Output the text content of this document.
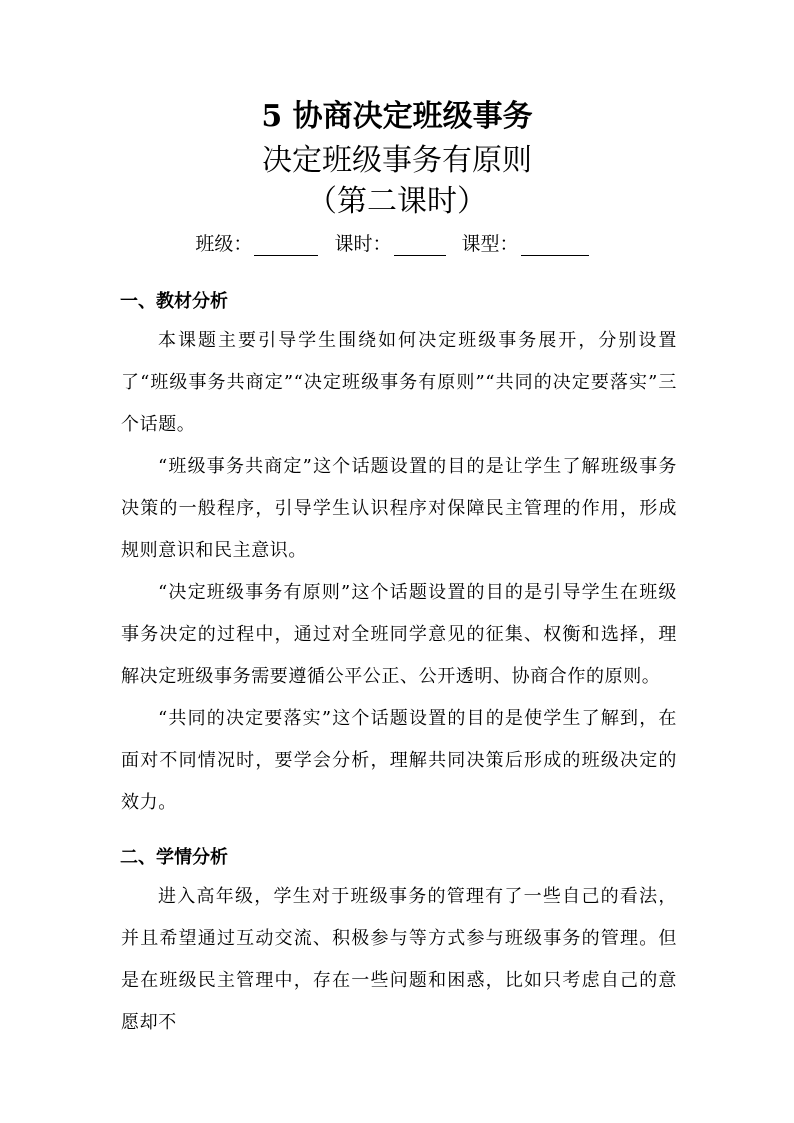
5 协商决定班级事务
决定班级事务有原则
（第二课时）
班级：	课时：	课型：

一、教材分析

本课题主要引导学生围绕如何决定班级事务展开，分别设置了“班级事务共商定”“决定班级事务有原则”“共同的决定要落实”三个话题。

“班级事务共商定”这个话题设置的目的是让学生了解班级事务决策的一般程序，引导学生认识程序对保障民主管理的作用，形成规则意识和民主意识。

“决定班级事务有原则”这个话题设置的目的是引导学生在班级事务决定的过程中，通过对全班同学意见的征集、权衡和选择，理解决定班级事务需要遵循公平公正、公开透明、协商合作的原则。

“共同的决定要落实”这个话题设置的目的是使学生了解到，在面对不同情况时，要学会分析，理解共同决策后形成的班级决定的效力。

二、学情分析

进入高年级，学生对于班级事务的管理有了一些自己的看法，并且希望通过互动交流、积极参与等方式参与班级事务的管理。但是在班级民主管理中，存在一些问题和困惑，比如只考虑自己的意愿却不
